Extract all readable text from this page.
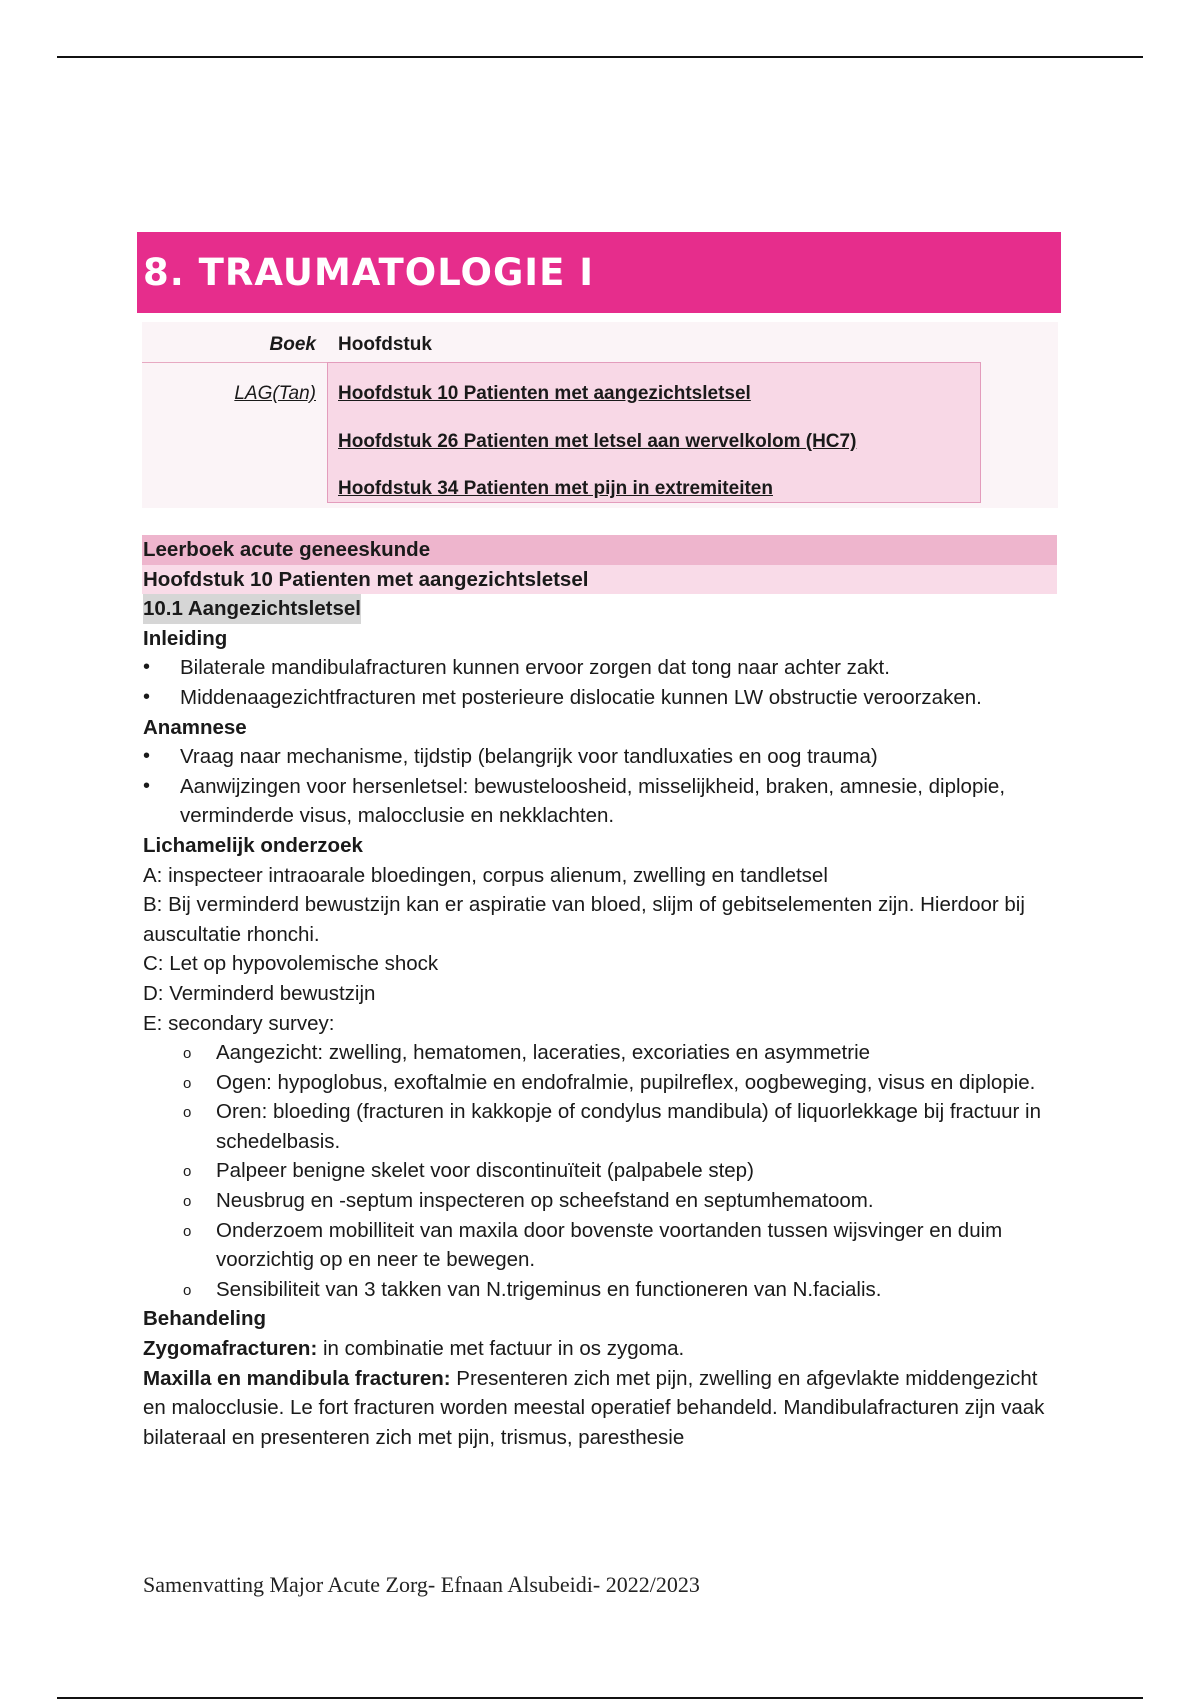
8. TRAUMATOLOGIE I
Boek Hoofdstuk
LAG(Tan) Hoofdstuk 10 Patienten met aangezichtsletsel
Hoofdstuk 26 Patienten met letsel aan wervelkolom (HC7)
Hoofdstuk 34 Patienten met pijn in extremiteiten
Leerboek acute geneeskunde
Hoofdstuk 10 Patienten met aangezichtsletsel
10.1 Aangezichtsletsel
Inleiding
• Bilaterale mandibulafracturen kunnen ervoor zorgen dat tong naar achter zakt.
• Middenaagezichtfracturen met posterieure dislocatie kunnen LW obstructie veroorzaken.
Anamnese
• Vraag naar mechanisme, tijdstip (belangrijk voor tandluxaties en oog trauma)
• Aanwijzingen voor hersenletsel: bewusteloosheid, misselijkheid, braken, amnesie, diplopie, verminderde visus, malocclusie en nekklachten.
Lichamelijk onderzoek
A: inspecteer intraoarale bloedingen, corpus alienum, zwelling en tandletsel
B: Bij verminderd bewustzijn kan er aspiratie van bloed, slijm of gebitselementen zijn. Hierdoor bij auscultatie rhonchi.
C: Let op hypovolemische shock
D: Verminderd bewustzijn
E: secondary survey:
o Aangezicht: zwelling, hematomen, laceraties, excoriaties en asymmetrie
o Ogen: hypoglobus, exoftalmie en endofralmie, pupilreflex, oogbeweging, visus en diplopie.
o Oren: bloeding (fracturen in kakkopje of condylus mandibula) of liquorlekkage bij fractuur in schedelbasis.
o Palpeer benigne skelet voor discontinuïteit (palpabele step)
o Neusbrug en -septum inspecteren op scheefstand en septumhematoom.
o Onderzoem mobilliteit van maxila door bovenste voortanden tussen wijsvinger en duim voorzichtig op en neer te bewegen.
o Sensibiliteit van 3 takken van N.trigeminus en functioneren van N.facialis.
Behandeling
Zygomafracturen: in combinatie met factuur in os zygoma.
Maxilla en mandibula fracturen: Presenteren zich met pijn, zwelling en afgevlakte middengezicht en malocclusie. Le fort fracturen worden meestal operatief behandeld. Mandibulafracturen zijn vaak bilateraal en presenteren zich met pijn, trismus, paresthesie
Samenvatting Major Acute Zorg- Efnaan Alsubeidi- 2022/2023
